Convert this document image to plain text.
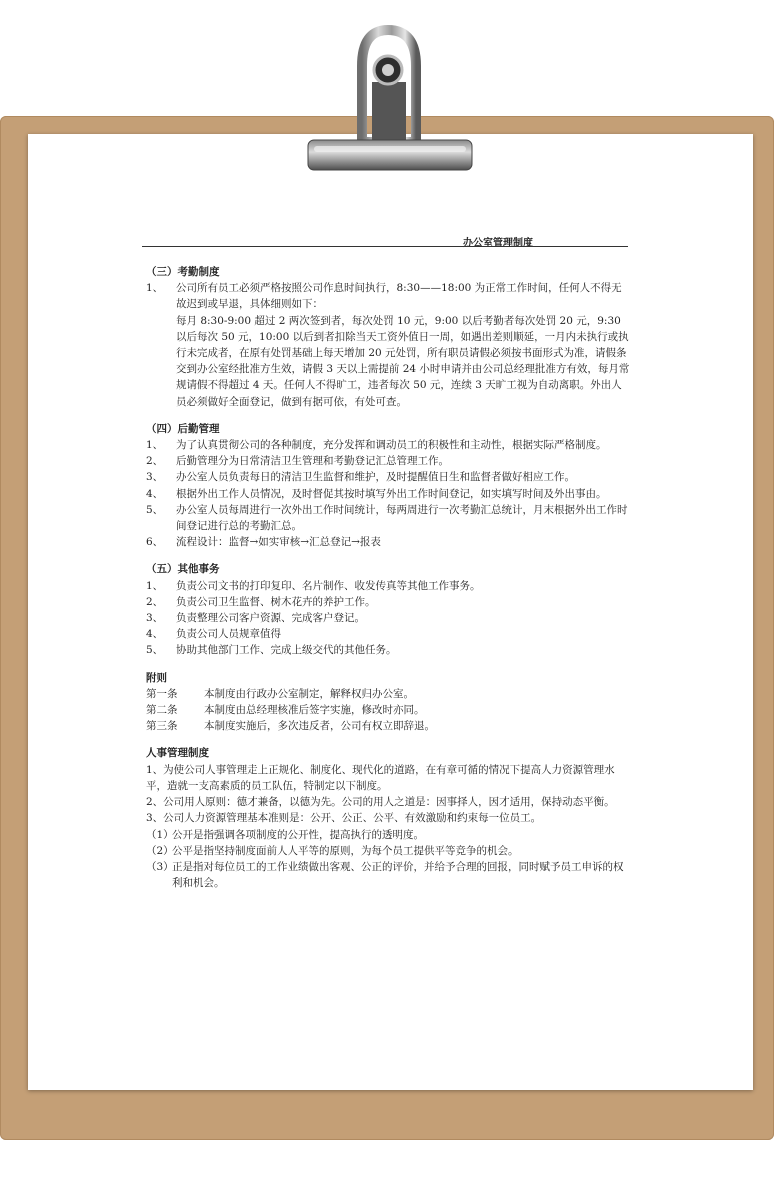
办公室管理制度
（三）考勤制度
1、	公司所有员工必须严格按照公司作息时间执行，8:30——18:00 为正常工作时间，任何人不得无故迟到或早退，具体细则如下：
每月 8:30-9:00 超过 2 两次签到者，每次处罚 10 元，9:00 以后考勤者每次处罚 20 元，9:30 以后每次 50 元，10:00 以后到者扣除当天工资外值日一周，如遇出差则顺延，一月内未执行或执行未完成者，在原有处罚基础上每天增加 20 元处罚，所有职员请假必须按书面形式为准，请假条交到办公室经批准方生效，请假 3 天以上需提前 24 小时申请并由公司总经理批准方有效，每月常规请假不得超过 4 天。任何人不得旷工，违者每次 50 元，连续 3 天旷工视为自动离职。外出人员必须做好全面登记，做到有据可依，有处可查。
（四）后勤管理
1、	为了认真贯彻公司的各种制度，充分发挥和调动员工的积极性和主动性，根据实际严格制度。
2、	后勤管理分为日常清洁卫生管理和考勤登记汇总管理工作。
3、	办公室人员负责每日的清洁卫生监督和维护，及时提醒值日生和监督者做好相应工作。
4、	根据外出工作人员情况，及时督促其按时填写外出工作时间登记，如实填写时间及外出事由。
5、	办公室人员每周进行一次外出工作时间统计，每两周进行一次考勤汇总统计，月末根据外出工作时间登记进行总的考勤汇总。
6、	流程设计：监督→如实审核→汇总登记→报表
（五）其他事务
1、	负责公司文书的打印复印、名片制作、收发传真等其他工作事务。
2、	负责公司卫生监督、树木花卉的养护工作。
3、	负责整理公司客户资源、完成客户登记。
4、	负责公司人员规章值得
5、	协助其他部门工作、完成上级交代的其他任务。
附则
第一条	本制度由行政办公室制定，解释权归办公室。
第二条	本制度由总经理核准后签字实施，修改时亦同。
第三条	本制度实施后，多次违反者，公司有权立即辞退。
人事管理制度
1、为使公司人事管理走上正规化、制度化、现代化的道路，在有章可循的情况下提高人力资源管理水平，造就一支高素质的员工队伍，特制定以下制度。
2、公司用人原则：德才兼备，以德为先。公司的用人之道是：因事择人，因才适用，保持动态平衡。
3、公司人力资源管理基本准则是：公开、公正、公平、有效激励和约束每一位员工。
（1）
公开是指强调各项制度的公开性，提高执行的透明度。
（2）
公平是指坚持制度面前人人平等的原则，为每个员工提供平等竞争的机会。
（3）
正是指对每位员工的工作业绩做出客观、公正的评价，并给予合理的回报，同时赋予员工申诉的权利和机会。
